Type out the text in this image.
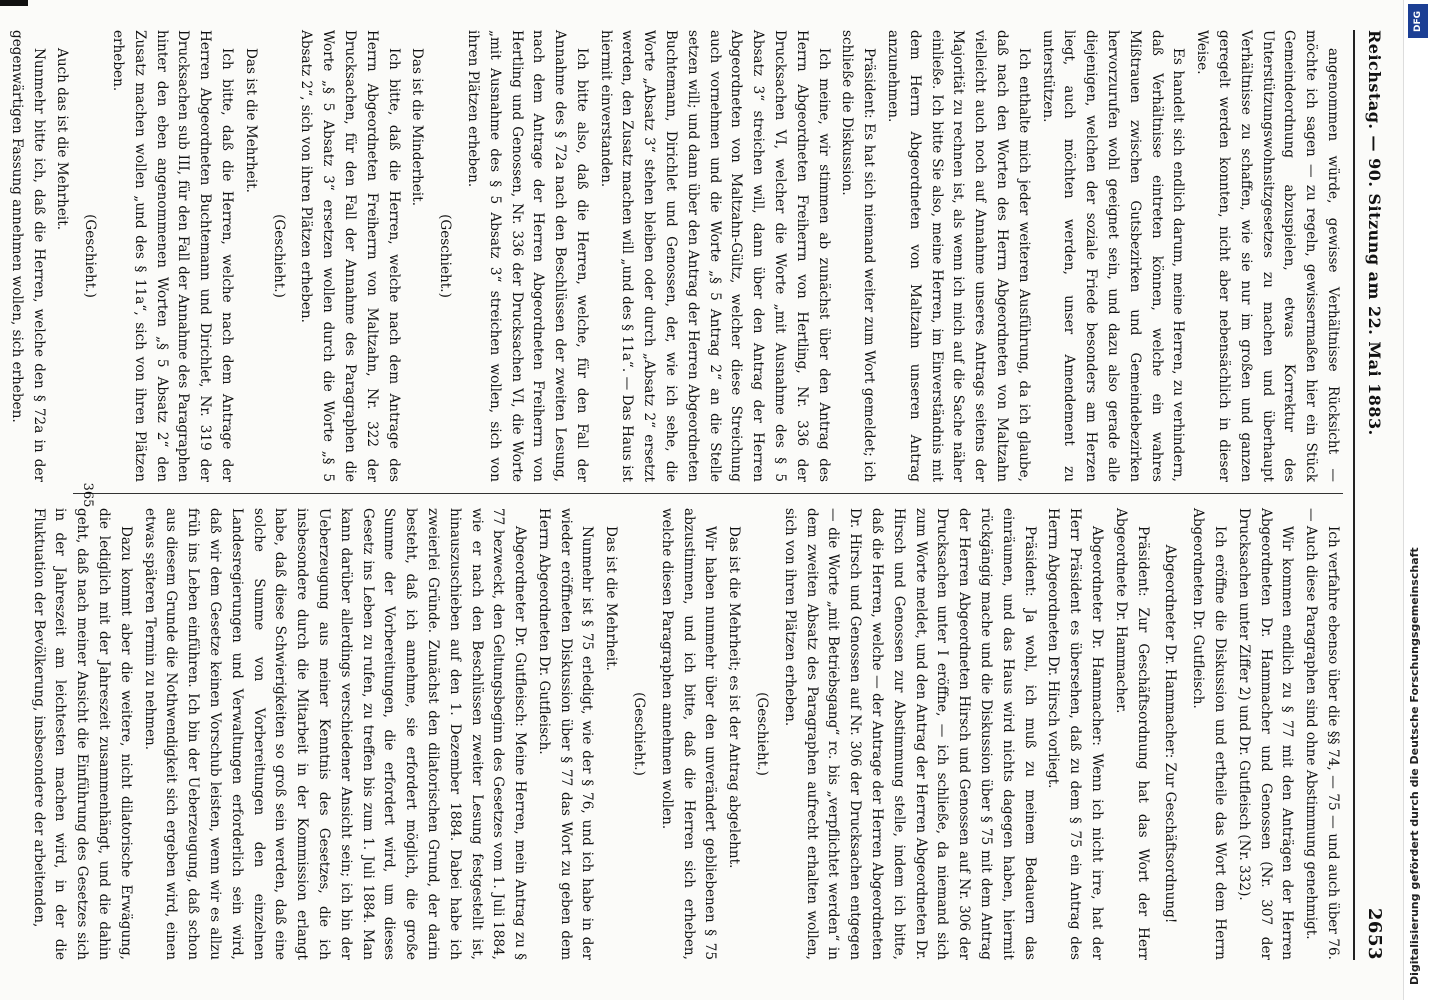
Reichstag. — 90. Sitzung am 22. Mai 1883.
2653

angenommen würde, gewisse Verhältnisse Rücksicht — möchte ich sagen — zu regeln, gewissermaßen hier ein Stück Gemeindeordnung abzuspielen, etwas Korrektur des Unterstützungswohnsitzgesetzes zu machen und überhaupt Verhältnisse zu schaffen, wie sie nur im großen und ganzen geregelt werden konnten, nicht aber nebensächlich in dieser Weise.

Es handelt sich endlich darum, meine Herren, zu verhindern, daß Verhältnisse eintreten können, welche ein wahres Mißtrauen zwischen Gutsbezirken und Gemeindebezirken hervorzurufen wohl geeignet sein, und dazu also gerade alle diejenigen, welchen der soziale Friede besonders am Herzen liegt, auch möchten werden, unser Amendement zu unterstützen.

Ich enthalte mich jeder weiteren Ausführung, da ich glaube, daß nach den Worten des Herrn Abgeordneten von Maltzahn vielleicht auch noch auf Annahme unseres Antrags seitens der Majorität zu rechnen ist, als wenn ich mich auf die Sache näher einließe. Ich bitte Sie also, meine Herren, im Einverständnis mit dem Herrn Abgeordneten von Maltzahn unseren Antrag anzunehmen.

Präsident: Es hat sich niemand weiter zum Wort gemeldet; ich schließe die Diskussion.

Ich meine, wir stimmen ab zunächst über den Antrag des Herrn Abgeordneten Freiherrn von Hertling, Nr. 336 der Drucksachen VI, welcher die Worte „mit Ausnahme des § 5 Absatz 3“ streichen will, dann über den Antrag der Herren Abgeordneten von Maltzahn-Gültz, welcher diese Streichung auch vornehmen und die Worte „§ 5 Antrag 2“ an die Stelle setzen will; und dann über den Antrag der Herren Abgeordneten Buchtemann, Dirichlet und Genossen, der, wie ich sehe, die Worte „Absatz 3“ stehen bleiben oder durch „Absatz 2“ ersetzt werden, den Zusatz machen will „und des § 11a“. — Das Haus ist hiermit einverstanden.

Ich bitte also, daß die Herren, welche, für den Fall der Annahme des § 72a nach den Beschlüssen der zweiten Lesung, nach dem Antrage der Herren Abgeordneten Freiherrn von Hertling und Genossen, Nr. 336 der Drucksachen VI, die Worte „mit Ausnahme des § 5 Absatz 3“ streichen wollen, sich von ihren Plätzen erheben.

(Geschieht.)

Das ist die Minderheit.

Ich bitte, daß die Herren, welche nach dem Antrage des Herrn Abgeordneten Freiherrn von Maltzahn, Nr. 322 der Drucksachen, für den Fall der Annahme des Paragraphen die Worte „§ 5 Absatz 3“ ersetzen wollen durch die Worte „§ 5 Absatz 2“, sich von ihren Plätzen erheben.

(Geschieht.)

Das ist die Mehrheit.

Ich bitte, daß die Herren, welche nach dem Antrage der Herren Abgeordneten Buchtemann und Dirichlet, Nr. 319 der Drucksachen sub III, für den Fall der Annahme des Paragraphen hinter den eben angenommenen Worten „§ 5 Absatz 2“ den Zusatz machen wollen „und des § 11a“, sich von ihren Plätzen erheben.

(Geschieht.)

Auch das ist die Mehrheit.

Nunmehr bitte ich, daß die Herren, welche den § 72a in der gegenwärtigen Fassung annehmen wollen, sich erheben.

Ich verfahre ebenso über die §§ 74, — 75 — und auch über 76. — Auch diese Paragraphen sind ohne Abstimmung genehmigt.

Wir kommen endlich zu § 77 mit den Anträgen der Herren Abgeordneten Dr. Hammacher und Genossen (Nr. 307 der Drucksachen unter Ziffer 2) und Dr. Gutfleisch (Nr. 332).

Ich eröffne die Diskussion und ertheile das Wort dem Herrn Abgeordneten Dr. Gutfleisch.

Abgeordneter Dr. Hammacher: Zur Geschäftsordnung!

Präsident: Zur Geschäftsordnung hat das Wort der Herr Abgeordnete Dr. Hammacher.

Abgeordneter Dr. Hammacher: Wenn ich nicht irre, hat der Herr Präsident es übersehen, daß zu dem § 75 ein Antrag des Herrn Abgeordneten Dr. Hirsch vorliegt.

Präsident: Ja wohl, ich muß zu meinem Bedauern das einräumen, und das Haus wird nichts dagegen haben, hiermit rückgängig mache und die Diskussion über § 75 mit dem Antrag der Herren Abgeordneten Hirsch und Genossen auf Nr. 306 der Drucksachen unter I eröffne, — ich schließe, da niemand sich zum Worte meldet, und den Antrag der Herren Abgeordneten Dr. Hirsch und Genossen zur Abstimmung stelle, indem ich bitte, daß die Herren, welche — der Antrage der Herren Abgeordneten Dr. Hirsch und Genossen auf Nr. 306 der Drucksachen entgegen — die Worte „mit Betriebsgang“ rc. bis „verpflichtet werden“ in dem zweiten Absatz des Paragraphen aufrecht erhalten wollen, sich von ihren Plätzen erheben.

(Geschieht.)

Das ist die Mehrheit; es ist der Antrag abgelehnt.

Wir haben nunmehr über den unverändert gebliebenen § 75 abzustimmen, und ich bitte, daß die Herren sich erheben, welche diesen Paragraphen annehmen wollen.

(Geschieht.)

Das ist die Mehrheit.

Nunmehr ist § 75 erledigt, wie der § 76, und ich habe in der wieder eröffneten Diskussion über § 77 das Wort zu geben dem Herrn Abgeordneten Dr. Gutfleisch.

Abgeordneter Dr. Gutfleisch: Meine Herren, mein Antrag zu § 77 bezweckt, den Geltungsbeginn des Gesetzes vom 1. Juli 1884, wie er nach den Beschlüssen zweiter Lesung festgestellt ist, hinauszuschieben auf den 1. Dezember 1884. Dabei habe ich zweierlei Gründe. Zunächst den dilatorischen Grund, der darin besteht, daß ich annehme, sie erfordert möglich, die große Summe der Vorbereitungen, die erfordert wird, um dieses Gesetz ins Leben zu rufen, zu treffen bis zum 1. Juli 1884. Man kann darüber allerdings verschiedener Ansicht sein; ich bin der Ueberzeugung aus meiner Kenntnis des Gesetzes, die ich insbesondere durch die Mitarbeit in der Kommission erlangt habe, daß diese Schwierigkeiten so groß sein werden, daß eine solche Summe von Vorbereitungen den einzelnen Landesregierungen und Verwaltungen erforderlich sein wird, daß wir dem Gesetze keinen Vorschub leisten, wenn wir es allzu früh ins Leben einführen. Ich bin der Ueberzeugung, daß schon aus diesem Grunde die Nothwendigkeit sich ergeben wird, einen etwas späteren Termin zu nehmen.

Dazu kommt aber die weitere, nicht dilatorische Erwägung, die lediglich mit der Jahreszeit zusammenhängt, und die dahin geht, daß nach meiner Ansicht die Einführung des Gesetzes sich in der Jahreszeit am leichtesten machen wird, in der die Fluktuation der Bevölkerung, insbesondere der arbeitenden,

365
DFG
Digitalisierung gefördert durch die Deutsche Forschungsgemeinschaft
